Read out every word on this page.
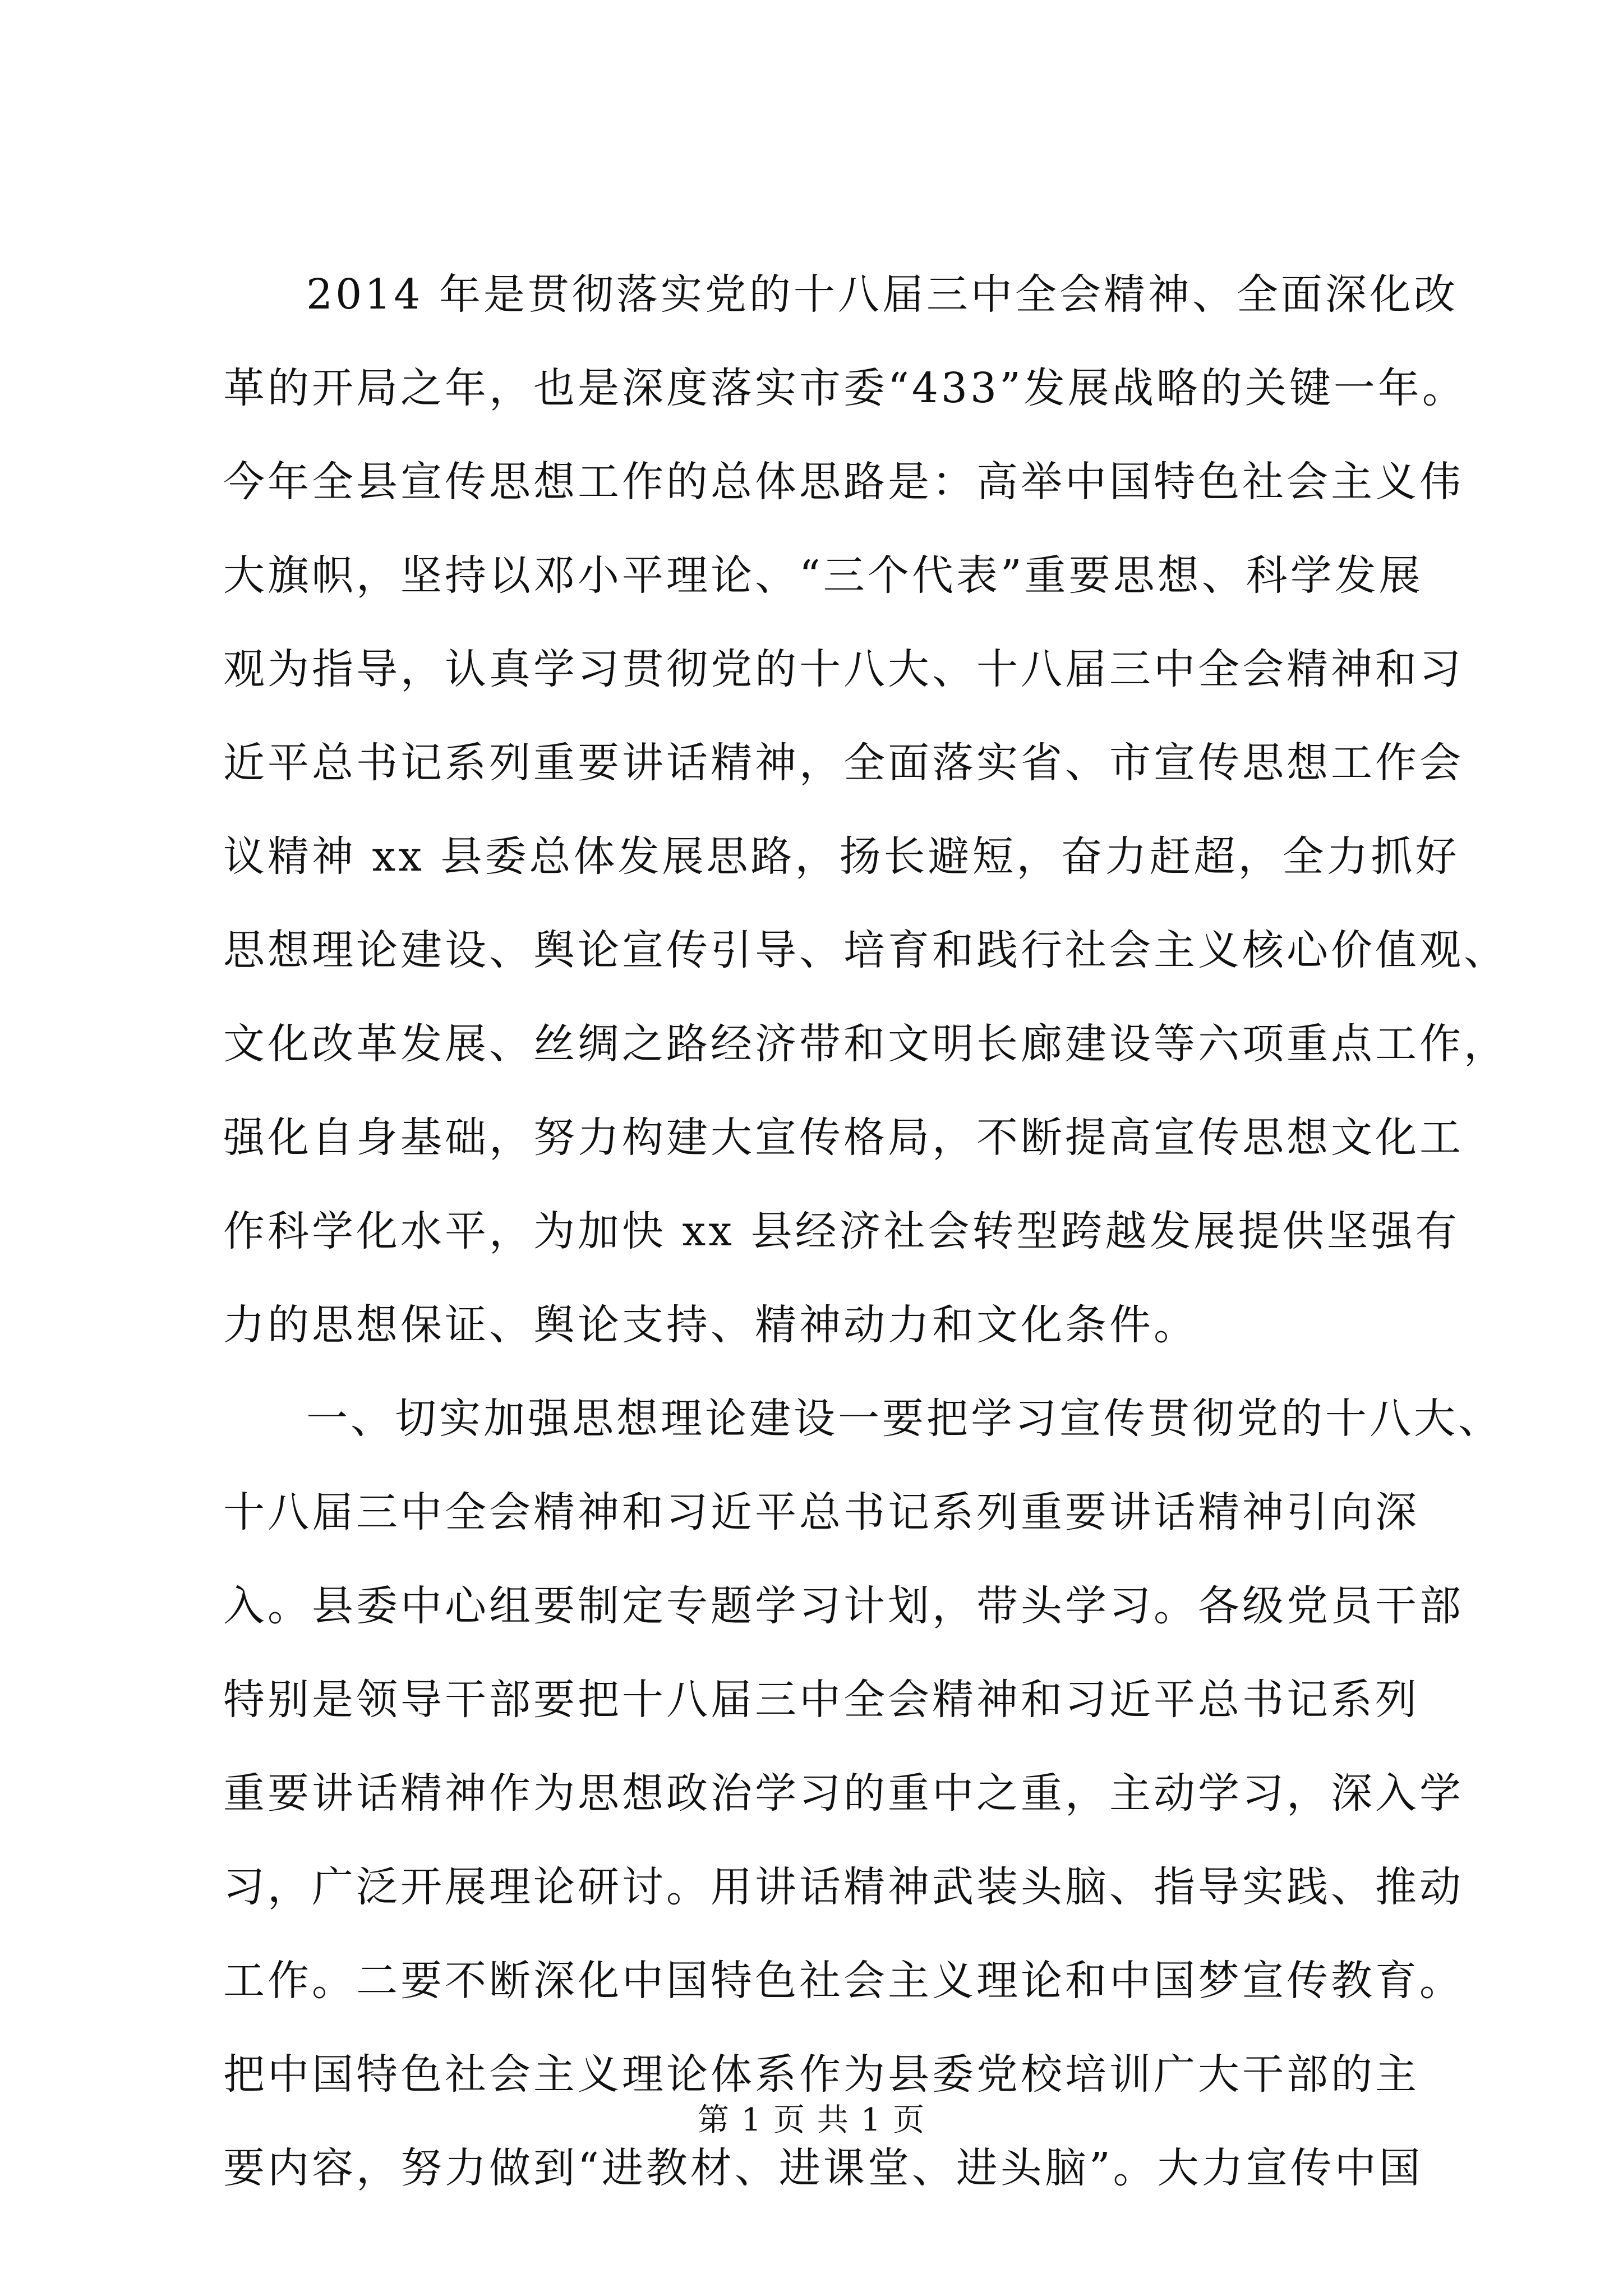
2014 年是贯彻落实党的十八届三中全会精神、全面深化改
革的开局之年，也是深度落实市委“433”发展战略的关键一年。
今年全县宣传思想工作的总体思路是：高举中国特色社会主义伟
大旗帜，坚持以邓小平理论、“三个代表”重要思想、科学发展
观为指导，认真学习贯彻党的十八大、十八届三中全会精神和习
近平总书记系列重要讲话精神，全面落实省、市宣传思想工作会
议精神 xx 县委总体发展思路，扬长避短，奋力赶超，全力抓好
思想理论建设、舆论宣传引导、培育和践行社会主义核心价值观、
文化改革发展、丝绸之路经济带和文明长廊建设等六项重点工作，
强化自身基础，努力构建大宣传格局，不断提高宣传思想文化工
作科学化水平，为加快 xx 县经济社会转型跨越发展提供坚强有
力的思想保证、舆论支持、精神动力和文化条件。
一、切实加强思想理论建设一要把学习宣传贯彻党的十八大、
十八届三中全会精神和习近平总书记系列重要讲话精神引向深
入。县委中心组要制定专题学习计划，带头学习。各级党员干部
特别是领导干部要把十八届三中全会精神和习近平总书记系列
重要讲话精神作为思想政治学习的重中之重，主动学习，深入学
习，广泛开展理论研讨。用讲话精神武装头脑、指导实践、推动
工作。二要不断深化中国特色社会主义理论和中国梦宣传教育。
把中国特色社会主义理论体系作为县委党校培训广大干部的主
要内容，努力做到“进教材、进课堂、进头脑”。大力宣传中国
第 1 页 共 1 页
